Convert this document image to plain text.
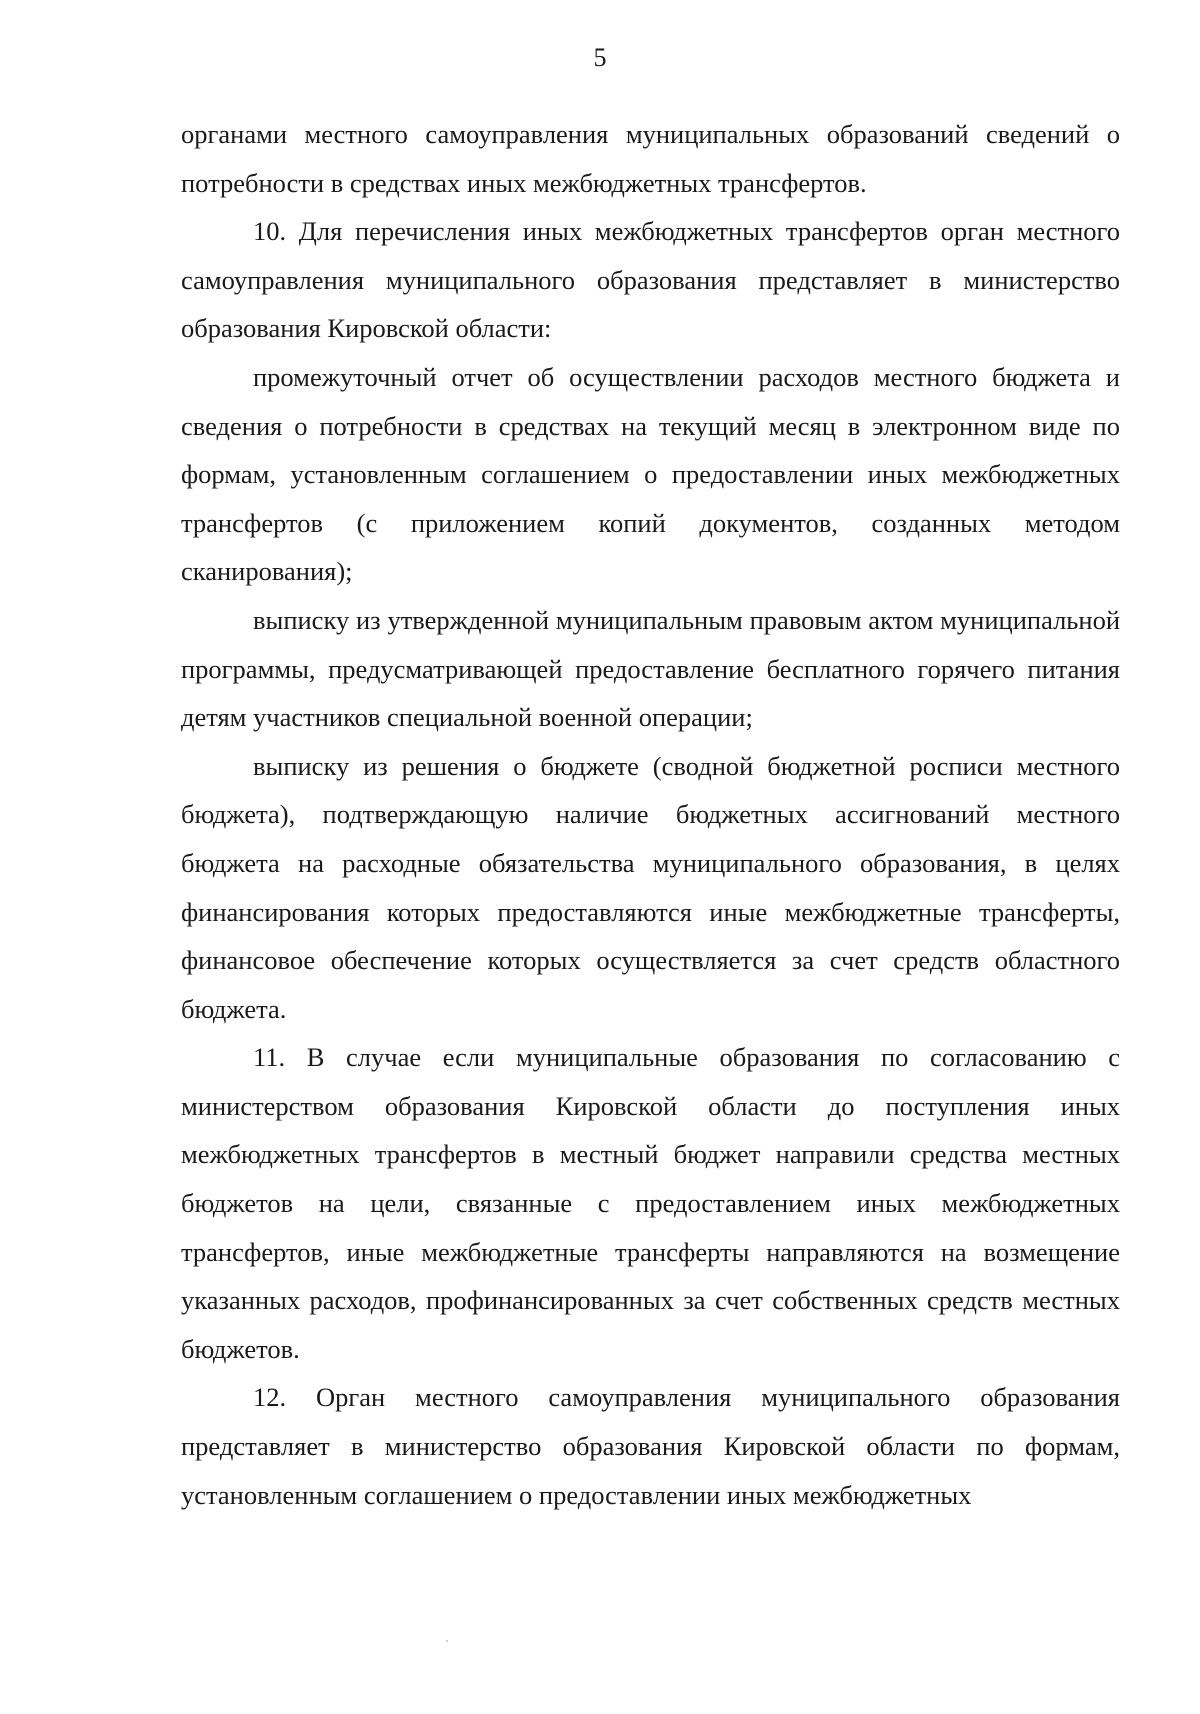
5

органами местного самоуправления муниципальных образований сведений о потребности в средствах иных межбюджетных трансфертов.

10. Для перечисления иных межбюджетных трансфертов орган местного самоуправления муниципального образования представляет в министерство образования Кировской области:

промежуточный отчет об осуществлении расходов местного бюджета и сведения о потребности в средствах на текущий месяц в электронном виде по формам, установленным соглашением о предоставлении иных межбюджетных трансфертов (с приложением копий документов, созданных методом сканирования);

выписку из утвержденной муниципальным правовым актом муниципальной программы, предусматривающей предоставление бесплатного горячего питания детям участников специальной военной операции;

выписку из решения о бюджете (сводной бюджетной росписи местного бюджета), подтверждающую наличие бюджетных ассигнований местного бюджета на расходные обязательства муниципального образования, в целях финансирования которых предоставляются иные межбюджетные трансферты, финансовое обеспечение которых осуществляется за счет средств областного бюджета.

11. В случае если муниципальные образования по согласованию с министерством образования Кировской области до поступления иных межбюджетных трансфертов в местный бюджет направили средства местных бюджетов на цели, связанные с предоставлением иных межбюджетных трансфертов, иные межбюджетные трансферты направляются на возмещение указанных расходов, профинансированных за счет собственных средств местных бюджетов.

12. Орган местного самоуправления муниципального образования представляет в министерство образования Кировской области по формам, установленным соглашением о предоставлении иных межбюджетных
